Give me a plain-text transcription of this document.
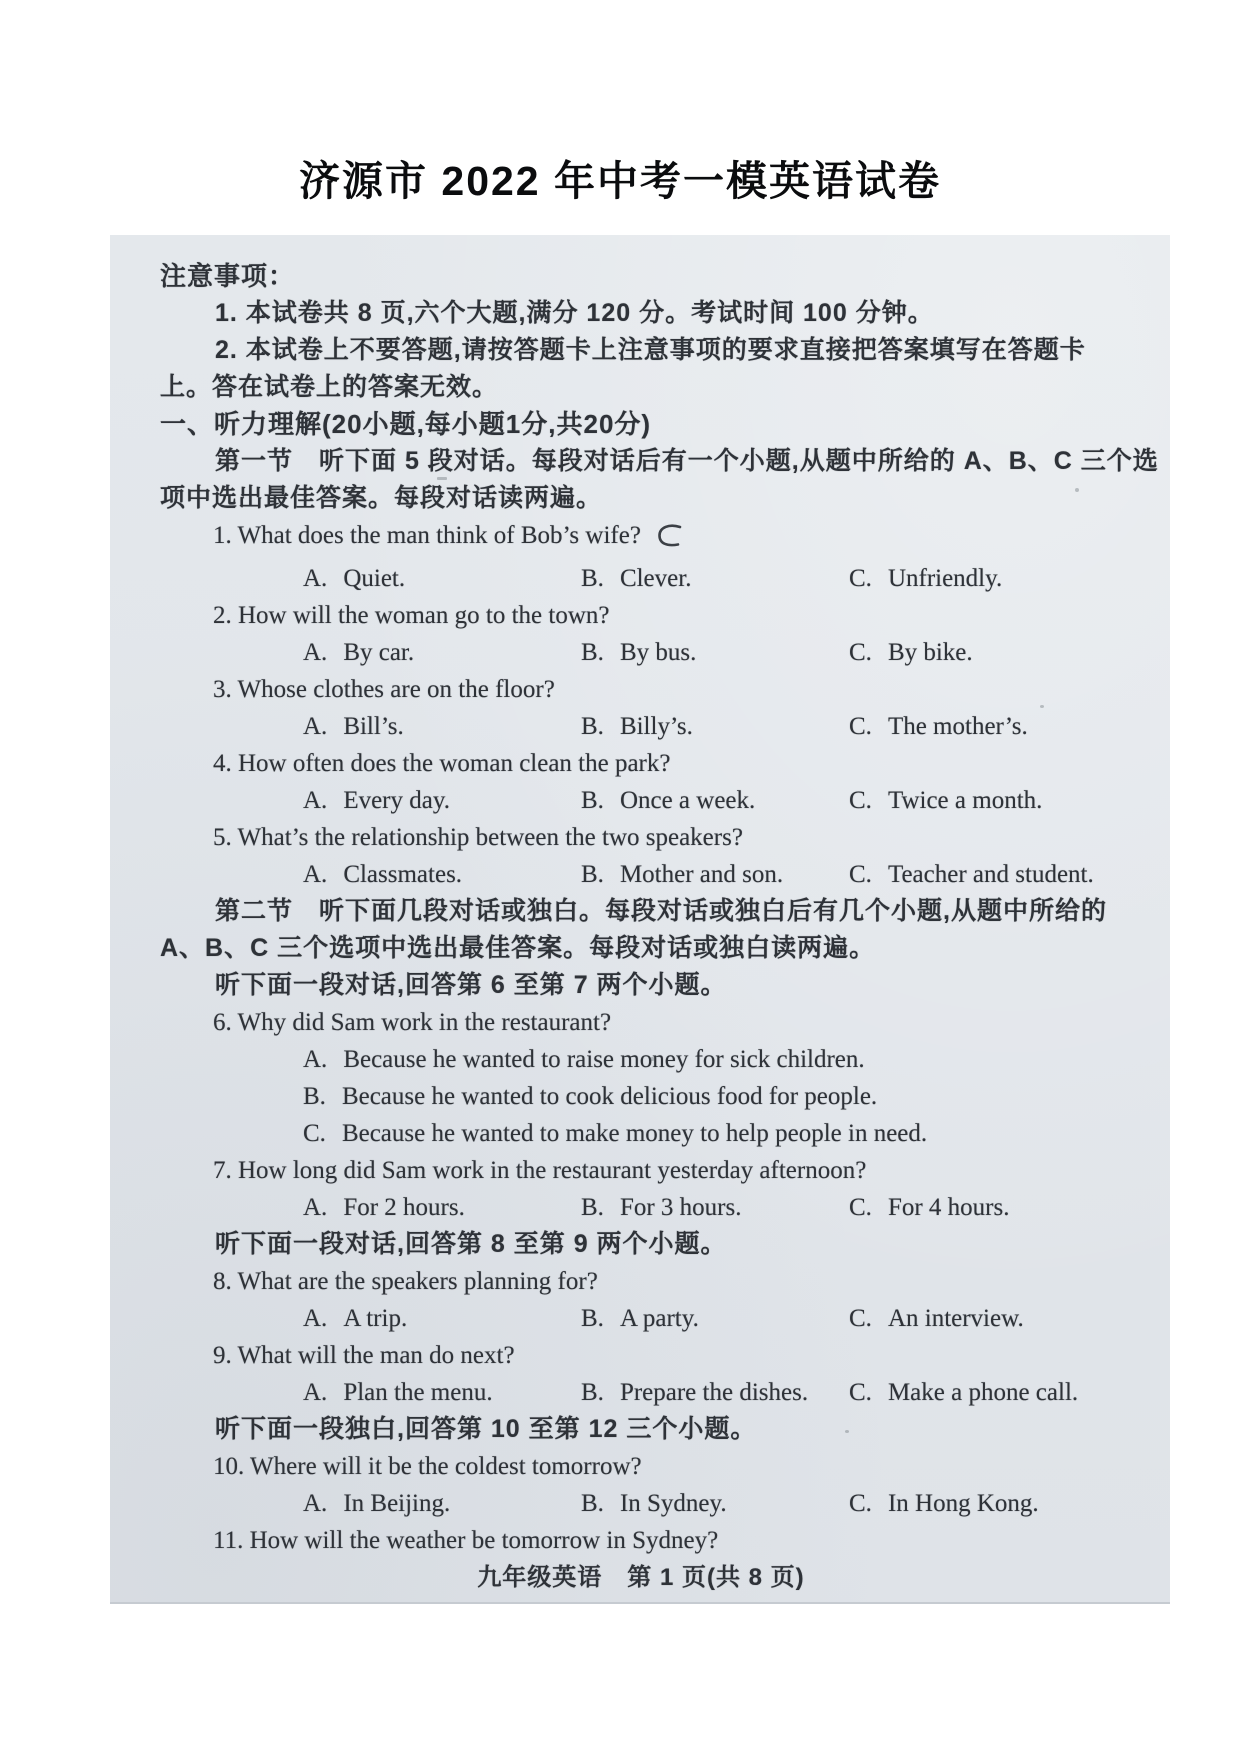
济源市 2022 年中考一模英语试卷
注意事项：
1. 本试卷共 8 页,六个大题,满分 120 分。考试时间 100 分钟。
2. 本试卷上不要答题,请按答题卡上注意事项的要求直接把答案填写在答题卡
上。答在试卷上的答案无效。
一、听力理解(20小题,每小题1分,共20分)
第一节　听下面 5 段对话。每段对话后有一个小题,从题中所给的 A、B、C 三个选
项中选出最佳答案。每段对话读两遍。
1. What does the man think of Bob’s wife?
A. Quiet.	B. Clever.	C. Unfriendly.
2. How will the woman go to the town?
A. By car.	B. By bus.	C. By bike.
3. Whose clothes are on the floor?
A. Bill’s.	B. Billy’s.	C. The mother’s.
4. How often does the woman clean the park?
A. Every day.	B. Once a week.	C. Twice a month.
5. What’s the relationship between the two speakers?
A. Classmates.	B. Mother and son.	C. Teacher and student.
第二节　听下面几段对话或独白。每段对话或独白后有几个小题,从题中所给的
A、B、C 三个选项中选出最佳答案。每段对话或独白读两遍。
听下面一段对话,回答第 6 至第 7 两个小题。
6. Why did Sam work in the restaurant?
A. Because he wanted to raise money for sick children.
B. Because he wanted to cook delicious food for people.
C. Because he wanted to make money to help people in need.
7. How long did Sam work in the restaurant yesterday afternoon?
A. For 2 hours.	B. For 3 hours.	C. For 4 hours.
听下面一段对话,回答第 8 至第 9 两个小题。
8. What are the speakers planning for?
A. A trip.	B. A party.	C. An interview.
9. What will the man do next?
A. Plan the menu.	B. Prepare the dishes. C. Make a phone call.
听下面一段独白,回答第 10 至第 12 三个小题。
10. Where will it be the coldest tomorrow?
A. In Beijing.	B. In Sydney.	C. In Hong Kong.
11. How will the weather be tomorrow in Sydney?
九年级英语　第 1 页(共 8 页)
